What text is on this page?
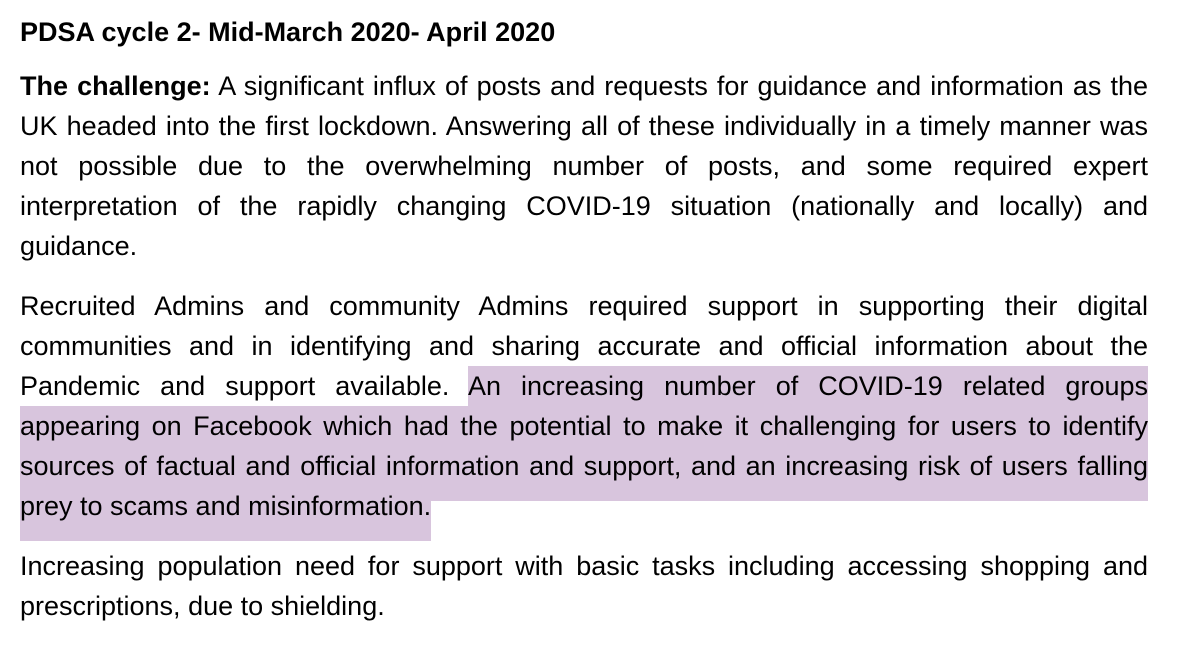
PDSA cycle 2- Mid-March 2020- April 2020

The challenge: A significant influx of posts and requests for guidance and information as the UK headed into the first lockdown. Answering all of these individually in a timely manner was not possible due to the overwhelming number of posts, and some required expert interpretation of the rapidly changing COVID-19 situation (nationally and locally) and guidance.

Recruited Admins and community Admins required support in supporting their digital communities and in identifying and sharing accurate and official information about the Pandemic and support available. An increasing number of COVID-19 related groups appearing on Facebook which had the potential to make it challenging for users to identify sources of factual and official information and support, and an increasing risk of users falling prey to scams and misinformation.

Increasing population need for support with basic tasks including accessing shopping and prescriptions, due to shielding.
